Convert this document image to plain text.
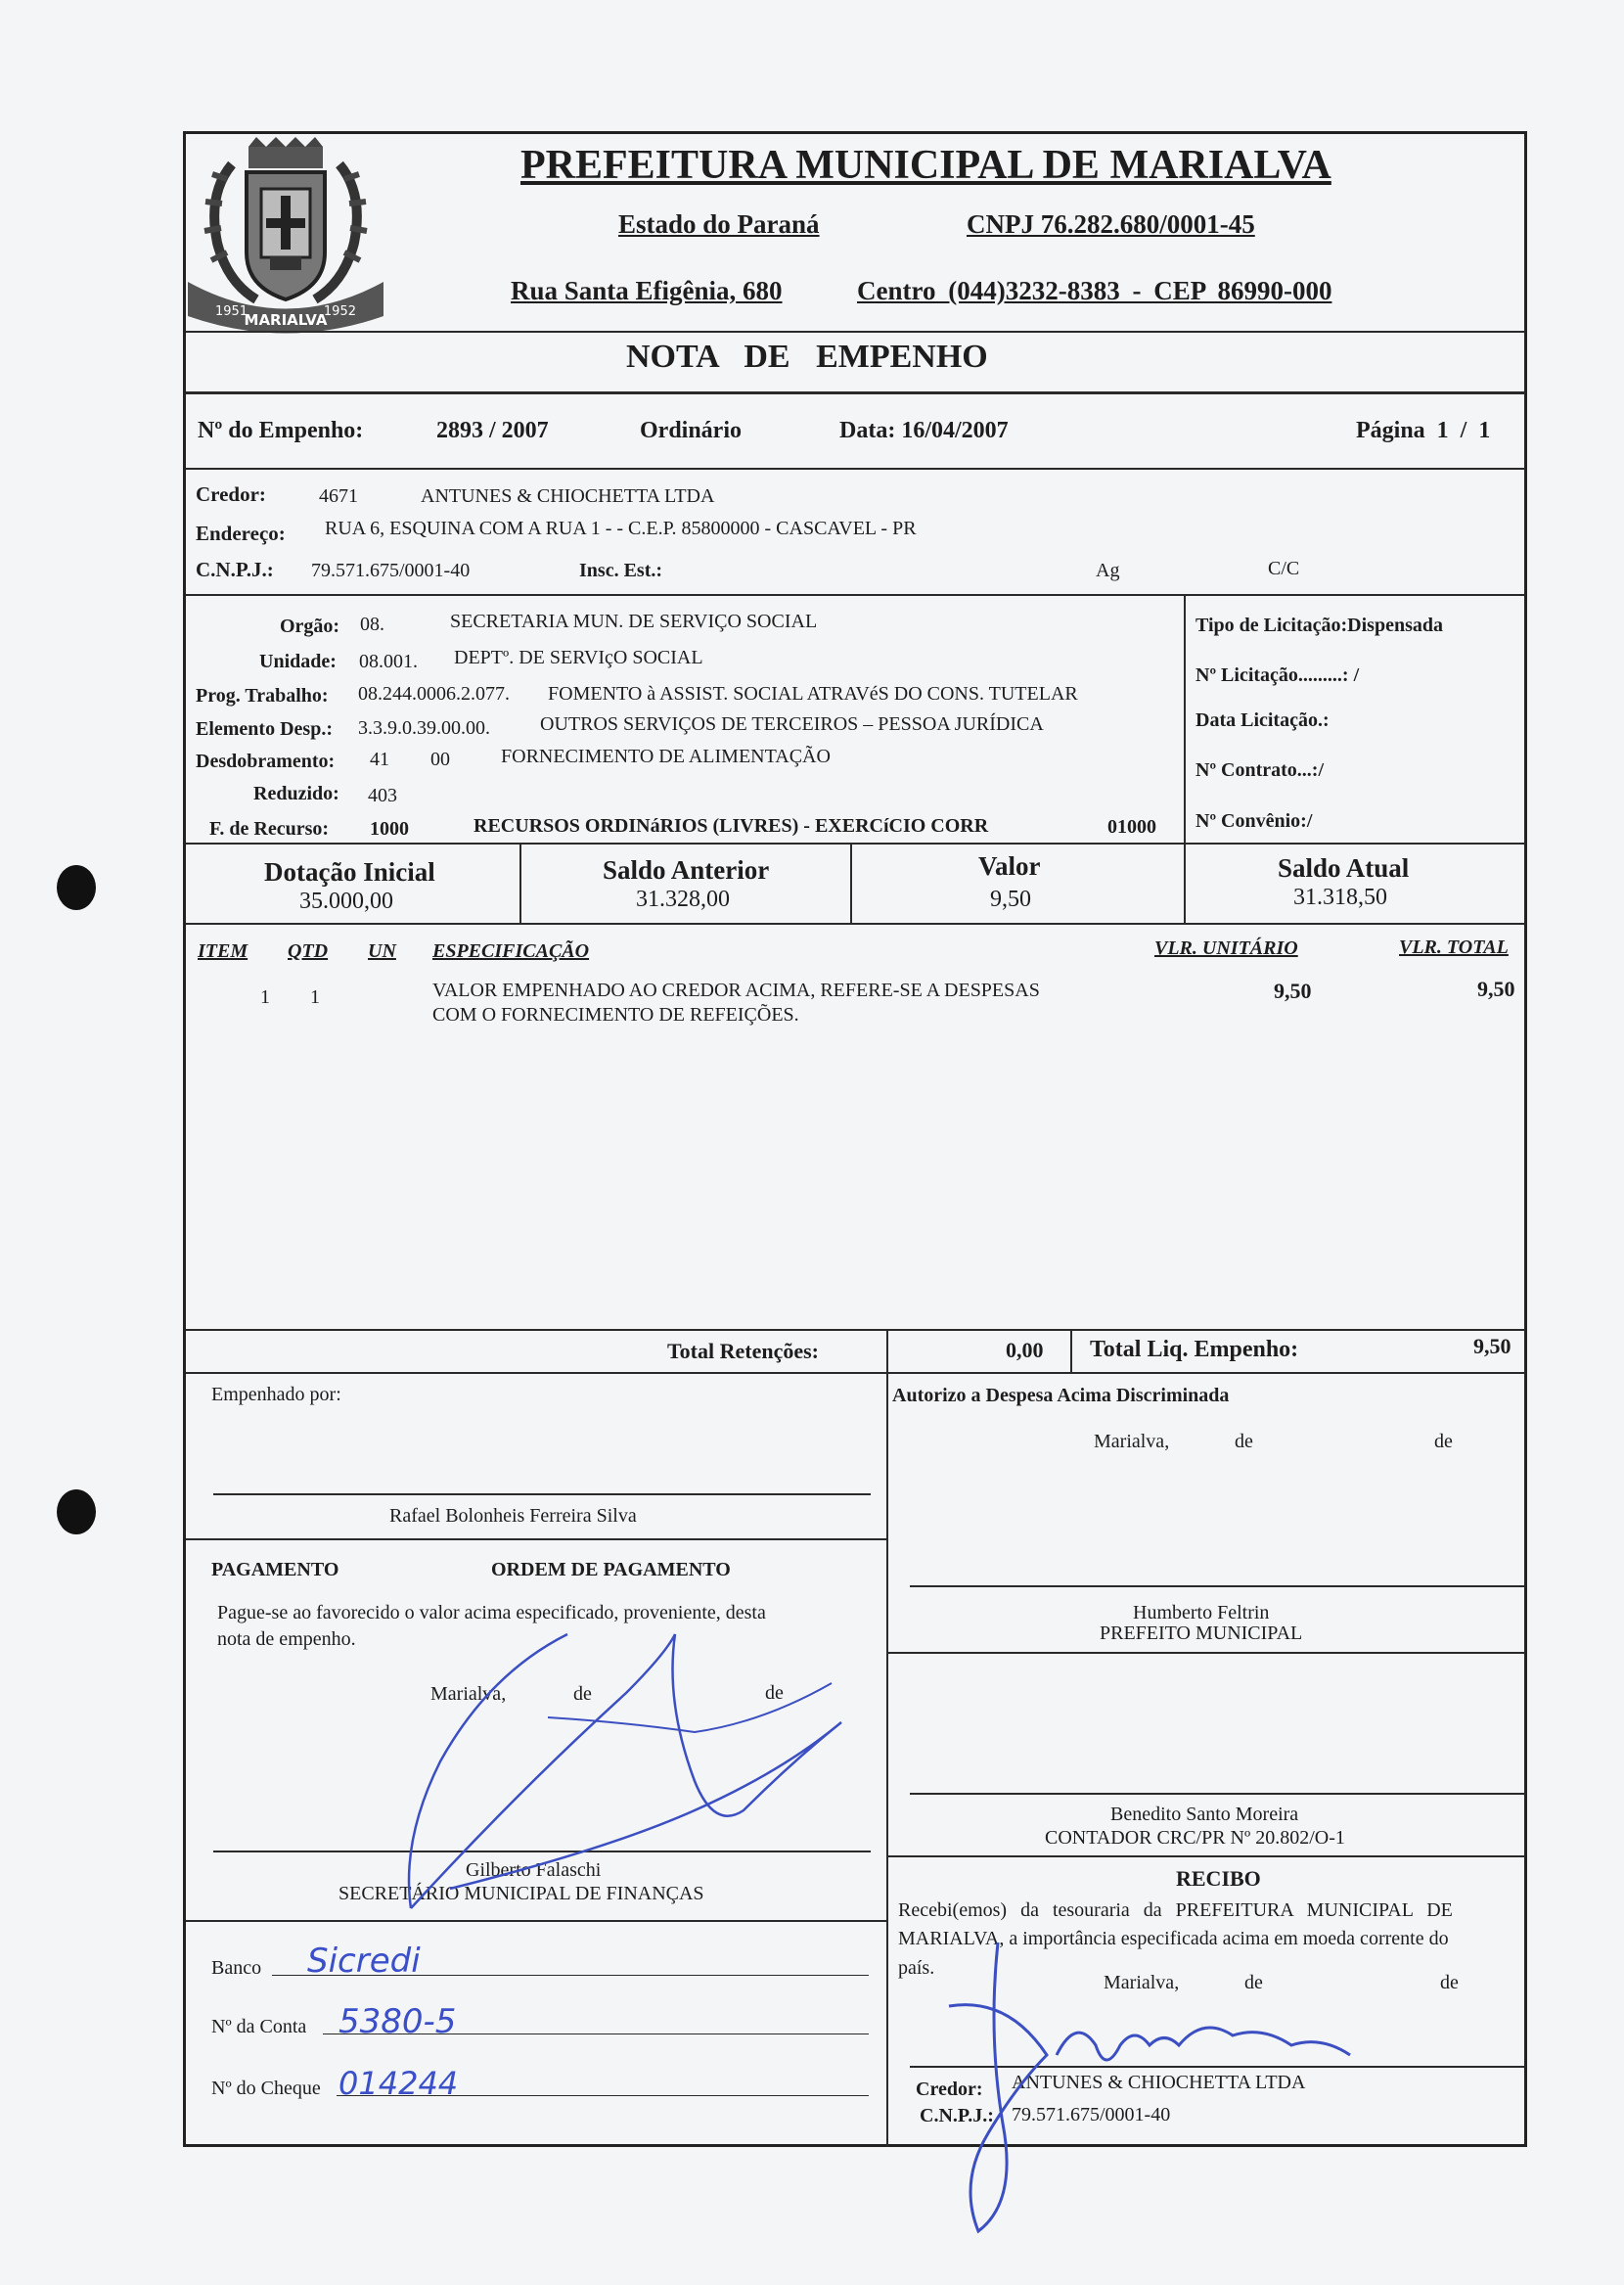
1951
MARIALVA
1952
PREFEITURA MUNICIPAL DE MARIALVA
Estado do Paraná	CNPJ 76.282.680/0001-45
Rua Santa Efigênia, 680	Centro (044)3232-8383 - CEP 86990-000
NOTA DE EMPENHO
Nº do Empenho:	2893 / 2007	Ordinário	Data: 16/04/2007	Página 1 / 1
Credor:	4671	ANTUNES & CHIOCHETTA LTDA
Endereço: RUA 6, ESQUINA COM A RUA 1 - - C.E.P. 85800000 - CASCAVEL - PR
C.N.P.J.: 79.571.675/0001-40	Insc. Est.:	Ag	C/C
Orgão: 08.	SECRETARIA MUN. DE SERVIÇO SOCIAL
Unidade: 08.001. DEPTº. DE SERVIçO SOCIAL
Prog. Trabalho: 08.244.0006.2.077. FOMENTO à ASSIST. SOCIAL ATRAVéS DO CONS. TUTELAR
Elemento Desp.: 3.3.9.0.39.00.00.	OUTROS SERVIÇOS DE TERCEIROS – PESSOA JURÍDICA
Desdobramento: 41 00	FORNECIMENTO DE ALIMENTAÇÃO
Reduzido: 403
F. de Recurso: 1000	RECURSOS ORDINáRIOS (LIVRES) - EXERCíCIO CORR	01000
Tipo de Licitação:Dispensada
Nº Licitação.........: /
Data Licitação.:
Nº Contrato...:/
Nº Convênio:/
Dotação Inicial
35.000,00
Saldo Anterior
31.328,00
Valor
9,50
Saldo Atual
31.318,50
ITEM QTD UN ESPECIFICAÇÃO	VLR. UNITÁRIO	VLR. TOTAL
1 1	VALOR EMPENHADO AO CREDOR ACIMA, REFERE-SE A DESPESAS
COM O FORNECIMENTO DE REFEIÇÕES.
9,50	9,50
Total Retenções:	0,00 Total Liq. Empenho:	9,50
Empenhado por:
Rafael Bolonheis Ferreira Silva
Autorizo a Despesa Acima Discriminada
Marialva,	de	de
Humberto Feltrin
PREFEITO MUNICIPAL
Benedito Santo Moreira
CONTADOR CRC/PR Nº 20.802/O-1
PAGAMENTO	ORDEM DE PAGAMENTO
Pague-se ao favorecido o valor acima especificado, proveniente, desta
nota de empenho.
Marialva,	de	de
Gilberto Falaschi
SECRETÁRIO MUNICIPAL DE FINANÇAS
Banco Sicredi
Nº da Conta 5380-5
Nº do Cheque 014244
RECIBO
Recebi(emos) da tesouraria da PREFEITURA MUNICIPAL DE
MARIALVA, a importância especificada acima em moeda corrente do
país.
Marialva,	de	de
Credor: ANTUNES & CHIOCHETTA LTDA
C.N.P.J.: 79.571.675/0001-40
